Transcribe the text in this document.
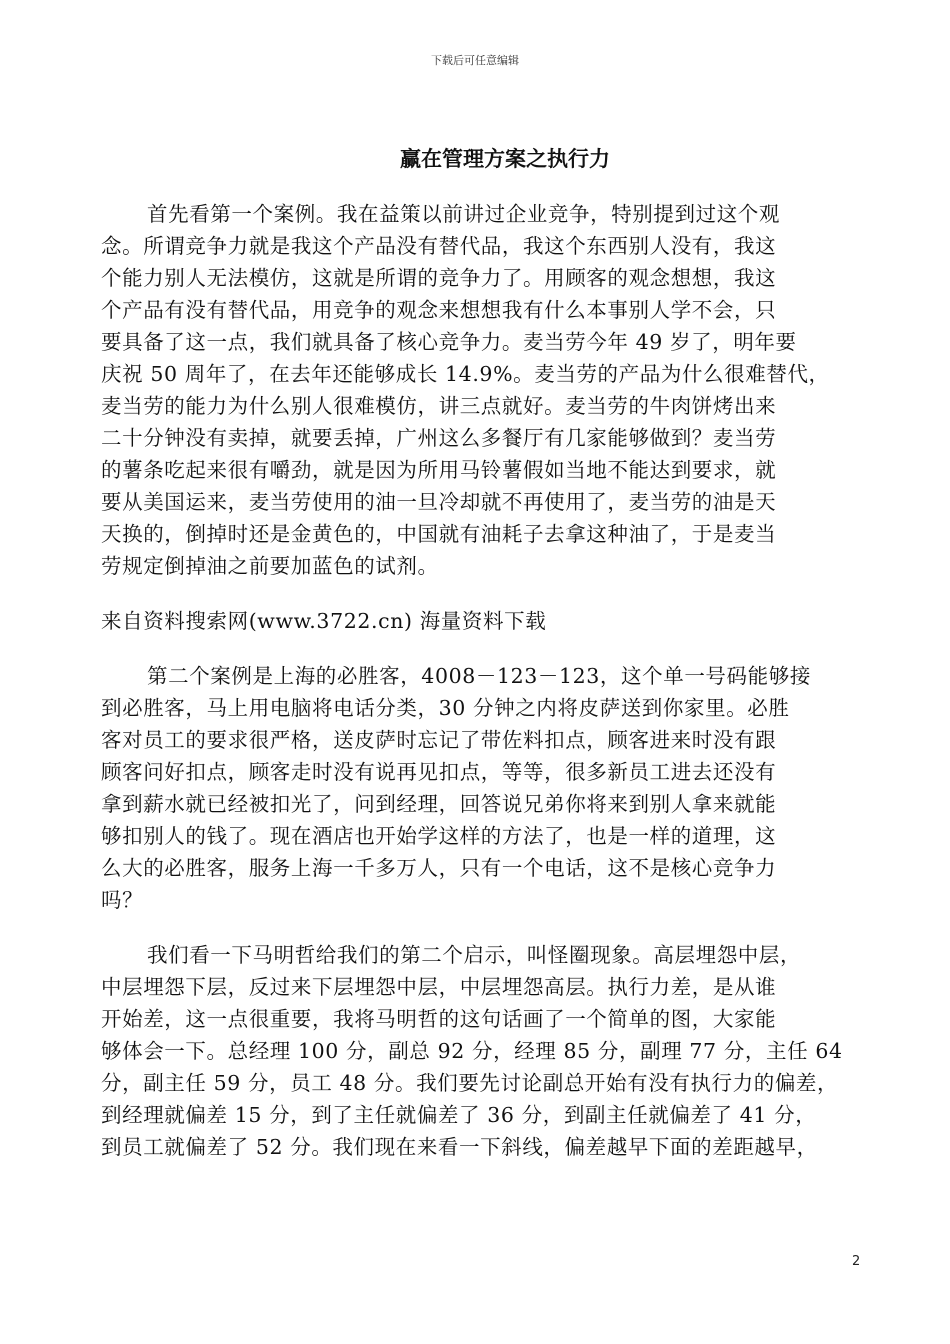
下载后可任意编辑
赢在管理方案之执行力
首先看第一个案例。我在益策以前讲过企业竞争，特别提到过这个观
念。所谓竞争力就是我这个产品没有替代品，我这个东西别人没有，我这
个能力别人无法模仿，这就是所谓的竞争力了。用顾客的观念想想，我这
个产品有没有替代品，用竞争的观念来想想我有什么本事别人学不会，只
要具备了这一点，我们就具备了核心竞争力。麦当劳今年 49 岁了，明年要
庆祝 50 周年了，在去年还能够成长 14.9%。麦当劳的产品为什么很难替代，
麦当劳的能力为什么别人很难模仿，讲三点就好。麦当劳的牛肉饼烤出来
二十分钟没有卖掉，就要丢掉，广州这么多餐厅有几家能够做到？麦当劳
的薯条吃起来很有嚼劲，就是因为所用马铃薯假如当地不能达到要求，就
要从美国运来，麦当劳使用的油一旦冷却就不再使用了，麦当劳的油是天
天换的，倒掉时还是金黄色的，中国就有油耗子去拿这种油了，于是麦当
劳规定倒掉油之前要加蓝色的试剂。
来自资料搜索网(www.3722.cn) 海量资料下载
第二个案例是上海的必胜客，4008－123－123，这个单一号码能够接
到必胜客，马上用电脑将电话分类，30 分钟之内将皮萨送到你家里。必胜
客对员工的要求很严格，送皮萨时忘记了带佐料扣点，顾客进来时没有跟
顾客问好扣点，顾客走时没有说再见扣点，等等，很多新员工进去还没有
拿到薪水就已经被扣光了，问到经理，回答说兄弟你将来到别人拿来就能
够扣别人的钱了。现在酒店也开始学这样的方法了，也是一样的道理，这
么大的必胜客，服务上海一千多万人，只有一个电话，这不是核心竞争力
吗？
我们看一下马明哲给我们的第二个启示，叫怪圈现象。高层埋怨中层，
中层埋怨下层，反过来下层埋怨中层，中层埋怨高层。执行力差，是从谁
开始差，这一点很重要，我将马明哲的这句话画了一个简单的图，大家能
够体会一下。总经理 100 分，副总 92 分，经理 85 分，副理 77 分，主任 64
分，副主任 59 分，员工 48 分。我们要先讨论副总开始有没有执行力的偏差，
到经理就偏差 15 分，到了主任就偏差了 36 分，到副主任就偏差了 41 分，
到员工就偏差了 52 分。我们现在来看一下斜线，偏差越早下面的差距越早，
2
